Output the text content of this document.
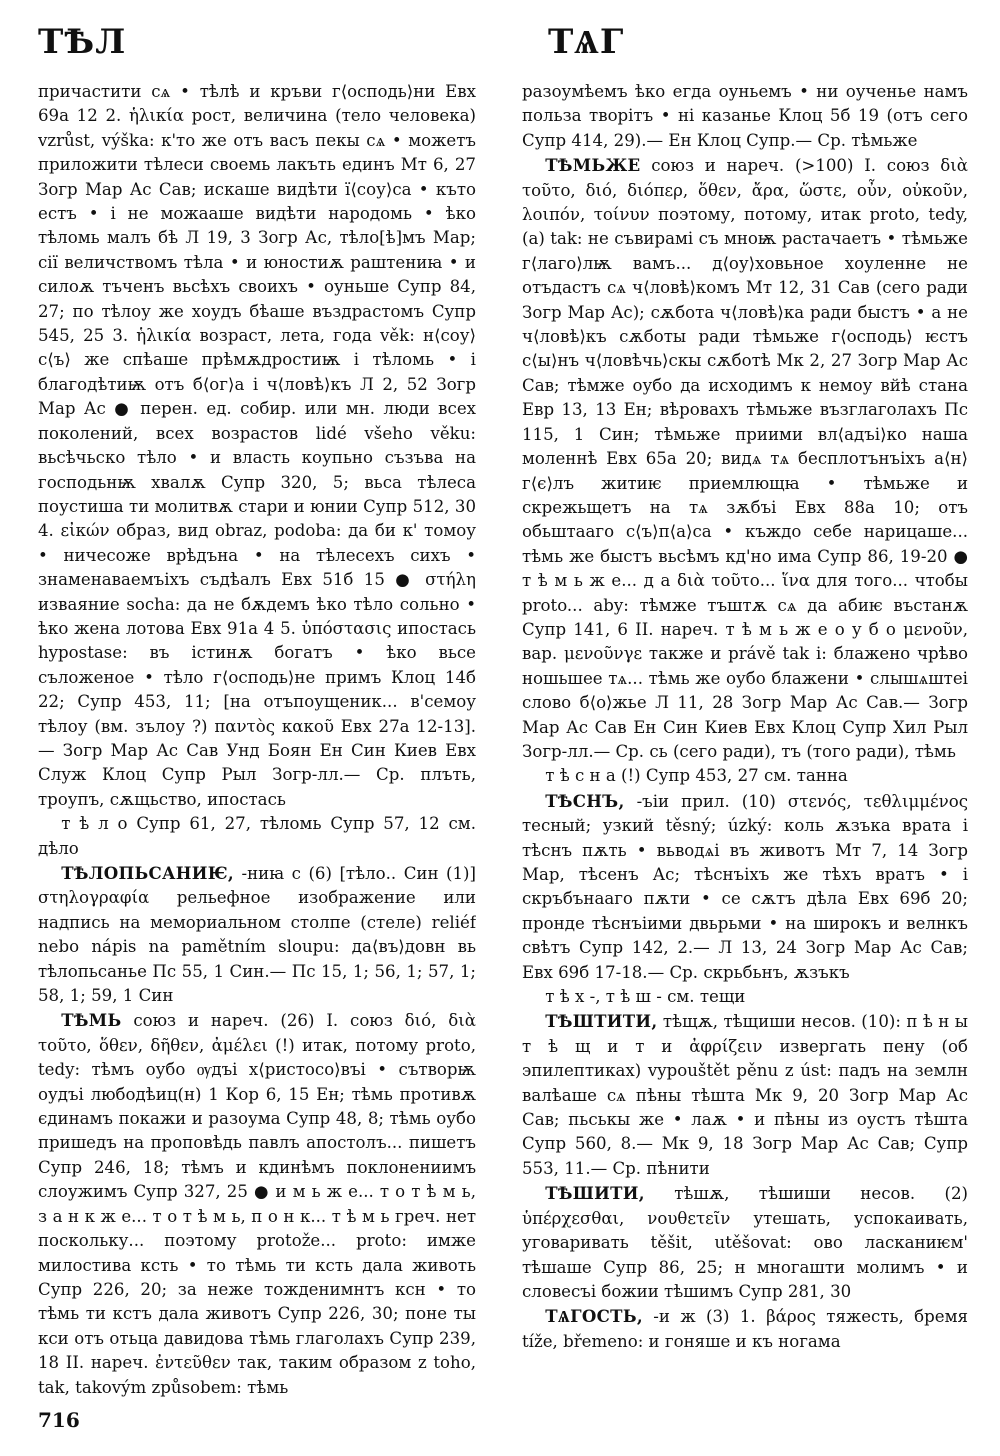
ТѢЛ	ТѦГ

причастити сѧ • тѣлѣ и кръви г⟨осподь⟩ни Евх 69а 12 2. ἡλικία рост, величина (тело человека) vzrůst, výška: к'то же отъ васъ пекы сѧ • можетъ приложити тѣлеси своемь лакъть единъ Мт 6, 27 Зогр Мар Ас Сав; искаше видѣти ї⟨соу⟩са • къто естъ • і не можааше видѣти народомь • ѣко тѣломь малъ бѣ Л 19, 3 Зогр Ас, тѣло[ѣ]мъ Мар; сії величствомъ тѣла • и юностиѫ раштениꙗ • и силоѫ тъченъ вьсѣхъ своихъ • оуньше Супр 84, 27; по тѣлоу же хоудъ бѣаше въздрастомъ Супр 545, 25 3. ἡλικία возраст, лета, года věk: н⟨соу⟩с⟨ъ⟩ же спѣаше прѣмѫдростиѭ і тѣломь • і благодѣтиѭ отъ б⟨ог⟩а і ч⟨ловѣ⟩къ Л 2, 52 Зогр Мар Ас ● перен. ед. собир. или мн. люди всех поколений, всех возрастов lidé všeho věku: вьсѣчьско тѣло • и власть коупьно съзъва на господьнѭ хвалѫ Супр 320, 5; вьса тѣлеса поустиша ти молитвѫ стари и юнии Супр 512, 30 4. εἰκών образ, вид obraz, podoba: да би к' томоу • ничесоже врѣдъна • на тѣлесехъ сихъ • знаменаваемъіхъ съдѣалъ Евх 51б 15 ● στήλη изваяние socha: да не бѫдемъ ѣко тѣло сольно • ѣко жена лотова Евх 91а 4 5. ὑπόστασις ипостась hypostase: въ істинѫ богатъ • ѣко вьсе съложеное • тѣло г⟨осподь⟩не примъ Клоц 14б 22; Супр 453, 11; [на отъпоущеник... в'семоу тѣлоу (вм. зълоу ?) παντὸς κακοῦ Евх 27а 12-13].— Зогр Мар Ас Сав Унд Боян Ен Син Киев Евх Служ Клоц Супр Рыл Зогр-лл.— Ср. плъть, троупъ, сѫщьство, ипостась

т ѣ л о Супр 61, 27, тѣломь Супр 57, 12 см. дѣло

ТѢЛОПЬСАНИѤ, -ниꙗ с (6) [тѣло.. Син (1)] στηλογραφία рельефное изображение или надпись на мемориальном столпе (стеле) reliéf nebo nápis na pamětním sloupu: да⟨въ⟩довн вь тѣлопьсанье Пс 55, 1 Син.— Пс 15, 1; 56, 1; 57, 1; 58, 1; 59, 1 Син

ТѢМЬ союз и нареч. (26) I. союз διό, διὰ τοῦτο, ὅθεν, δῆθεν, ἀμέλει (!) итак, потому proto, tedy: тѣмъ оубо ѹдъі х⟨ристосо⟩въі • сътворѭ оудъі любодѣиц(н) 1 Кор 6, 15 Ен; тѣмь противѫ єдинамъ покажи и разоума Супр 48, 8; тѣмь оубо пришедъ на проповѣдь павлъ апостолъ... пишетъ Супр 246, 18; тѣмъ и кдинѣмъ поклонениимъ слоужимъ Супр 327, 25 ● и м ь ж е... т о т ѣ м ь, з а н к ж е... т о т ѣ м ь, п о н к... т ѣ м ь греч. нет поскольку... поэтому protože... proto: имже милостива ксть • то тѣмь ти ксть дала животь Супр 226, 20; за неже тожденимнтъ ксн • то тѣмь ти кстъ дала животъ Супр 226, 30; поне ты кси отъ отьца давидова тѣмь глаголахъ Супр 239, 18 II. нареч. ἐντεῦθεν так, таким образом z toho, tak, takovým způsobem: тѣмь

разоумѣемъ ѣко егда оуньемъ • ни оученье намъ польза творітъ • ні казанье Клоц 5б 19 (отъ сего Супр 414, 29).— Ен Клоц Супр.— Ср. тѣмьже

ТѢМЬЖЕ союз и нареч. (>100) I. союз διὰ τοῦτο, διό, διόπερ, ὅθεν, ἄρα, ὥστε, οὖν, οὐκοῦν, λοιπόν, τοίνυν поэтому, потому, итак proto, tedy, (a) tak: не съвирамі съ мноѭ растачаетъ • тѣмьже г⟨лаго⟩лѭ вамъ... д⟨оу⟩ховьное хоуленне не отъдастъ сѧ ч⟨ловѣ⟩комъ Мт 12, 31 Сав (сего ради Зогр Мар Ас); сѫбота ч⟨ловѣ⟩ка ради быстъ • а не ч⟨ловѣ⟩къ сѫботы ради тѣмьже г⟨осподь⟩ ѥстъ с⟨ы⟩нъ ч⟨ловѣчь⟩скы сѫботѣ Мк 2, 27 Зогр Мар Ас Сав; тѣмже оубо да исходимъ к немоу вйѣ стана Евр 13, 13 Ен; вѣровахъ тѣмьже възглаголахъ Пс 115, 1 Син; тѣмьже приими вл⟨адъі⟩ко наша моленнѣ Евх 65а 20; видѧ тѧ бесплотънъіхъ а⟨н⟩г⟨є⟩лъ житиѥ приемлющꙗ • тѣмьже и скрежьщетъ на тѧ зѫбъі Евх 88а 10; отъ обьштаагo с⟨ъ⟩п⟨а⟩са • къждо себе нарицаше... тѣмь же быстъ вьсѣмъ кд'но има Супр 86, 19-20 ● т ѣ м ь ж е... д а διὰ τοῦτο... ἵνα для того... чтобы proto... aby: тѣмже тъштѫ сѧ да абиѥ въстанѫ Супр 141, 6 II. нареч. т ѣ м ь ж е о у б о μενοῦν, вар. μενοῦνγε также и právě tak i: блаженo чрѣво ношьшее тѧ... тѣмь же оубо блажени • слышѧштеі слово б⟨о⟩жье Л 11, 28 Зогр Мар Ас Сав.— Зогр Мар Ас Сав Ен Син Киев Евх Клоц Супр Хил Рыл Зогр-лл.— Ср. сь (сего ради), тъ (того ради), тѣмь

т ѣ с н а (!) Супр 453, 27 см. танна

ТѢСНЪ, -ъіи прил. (10) στενός, τεθλιμμένος тесный; узкий těsný; úzký: коль ѫзъка врата і тѣснъ пѫть • вьводѧі въ животъ Мт 7, 14 Зогр Мар, тѣсенъ Ас; тѣснъіхъ же тѣхъ вратъ • і скръбънаагo пѫти • се сѫтъ дѣла Евх 69б 20; пронде тѣснъіими двьрьми • на широкъ и велнкъ свѣтъ Супр 142, 2.— Л 13, 24 Зогр Мар Ас Сав; Евх 69б 17-18.— Ср. скрьбьнъ, ѫзъкъ

т ѣ х -, т ѣ ш - см. тещи

ТѢШТИТИ, тѣщѫ, тѣщиши несов. (10): п ѣ н ы т ѣ щ и т и ἀφρίζειν извергать пену (об эпилептиках) vypouštět pěnu z úst: падъ на землн валѣаше сѧ пѣны тѣшта Мк 9, 20 Зогр Мар Ас Сав; пьськы же • лаѫ • и пѣны из оустъ тѣшта Супр 560, 8.— Мк 9, 18 Зогр Мар Ас Сав; Супр 553, 11.— Ср. пѣнити

ТѢШИТИ, тѣшѫ, тѣшиши несов. (2) ὑπέρχεσθαι, νουθετεῖν утешать, успокаивать, уговаривать těšit, utěšovat: ово ласканиѥм' тѣшаше Супр 86, 25; н многашти молимъ • и словесъі божии тѣшимъ Супр 281, 30

ТѦГОСТЬ, -и ж (3) 1. βάρος тяжесть, бремя tíže, břemeno: и гоняше и къ ногама

716
